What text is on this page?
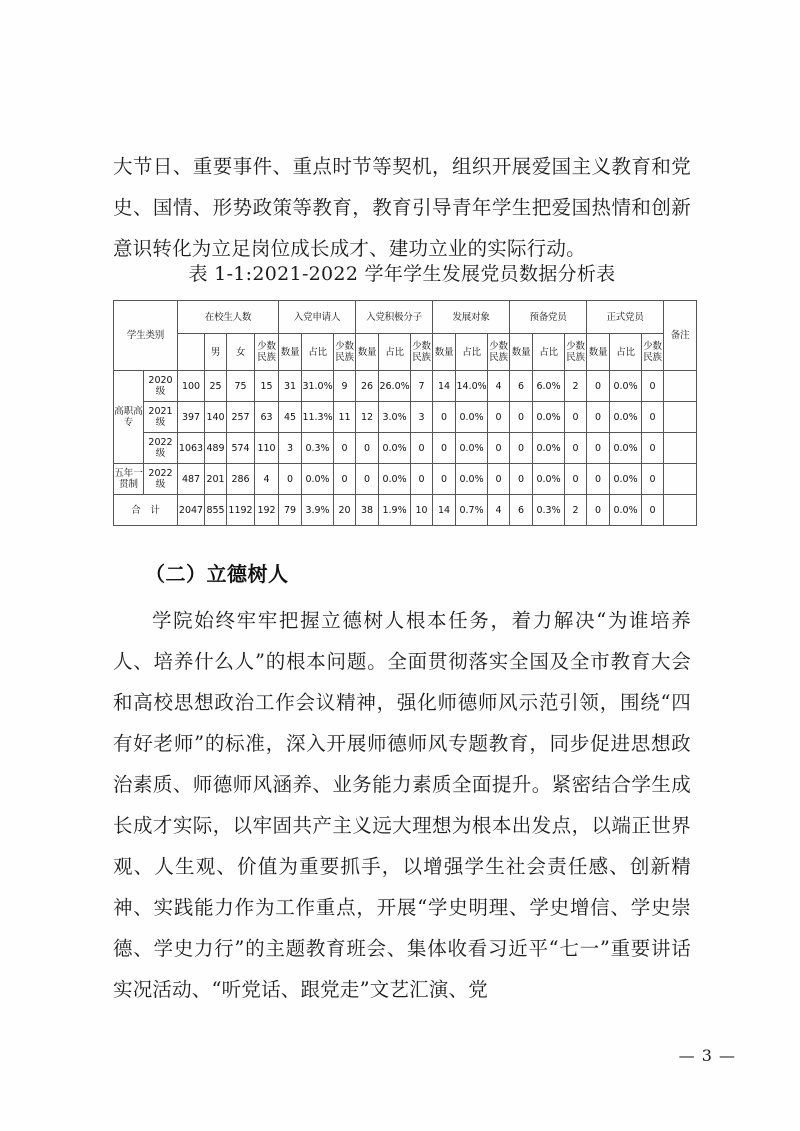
大节日、重要事件、重点时节等契机，组织开展爱国主义教育和党史、国情、形势政策等教育，教育引导青年学生把爱国热情和创新意识转化为立足岗位成长成才、建功立业的实际行动。

表 1-1:2021-2022 学年学生发展党员数据分析表
学生类别		在校生人数				入党申请人			入党积极分子			发展对象			预备党员			正式党员			备注
			男	女	少数民族	数量	占比	少数民族	数量	占比	少数民族	数量	占比	少数民族	数量	占比	少数民族	数量	占比	少数民族	
高职高专	2020级	100	25	75	15	31	31.0%	9	26	26.0%	7	14	14.0%	4	6	6.0%	2	0	0.0%	0	
	2021级	397	140	257	63	45	11.3%	11	12	3.0%	3	0	0.0%	0	0	0.0%	0	0	0.0%	0	
	2022级	1063	489	574	110	3	0.3%	0	0	0.0%	0	0	0.0%	0	0	0.0%	0	0	0.0%	0	
五年一贯制	2022级	487	201	286	4	0	0.0%	0	0	0.0%	0	0	0.0%	0	0	0.0%	0	0	0.0%	0	
合　计		2047	855	1192	192	79	3.9%	20	38	1.9%	10	14	0.7%	4	6	0.3%	2	0	0.0%	0	
（二）立德树人

学院始终牢牢把握立德树人根本任务，着力解决“为谁培养人、培养什么人”的根本问题。全面贯彻落实全国及全市教育大会和高校思想政治工作会议精神，强化师德师风示范引领，围绕“四有好老师”的标准，深入开展师德师风专题教育，同步促进思想政治素质、师德师风涵养、业务能力素质全面提升。紧密结合学生成长成才实际，以牢固共产主义远大理想为根本出发点，以端正世界观、人生观、价值为重要抓手，以增强学生社会责任感、创新精神、实践能力作为工作重点，开展“学史明理、学史增信、学史崇德、学史力行”的主题教育班会、集体收看习近平“七一”重要讲话实况活动、“听党话、跟党走”文艺汇演、党

— 3 —
